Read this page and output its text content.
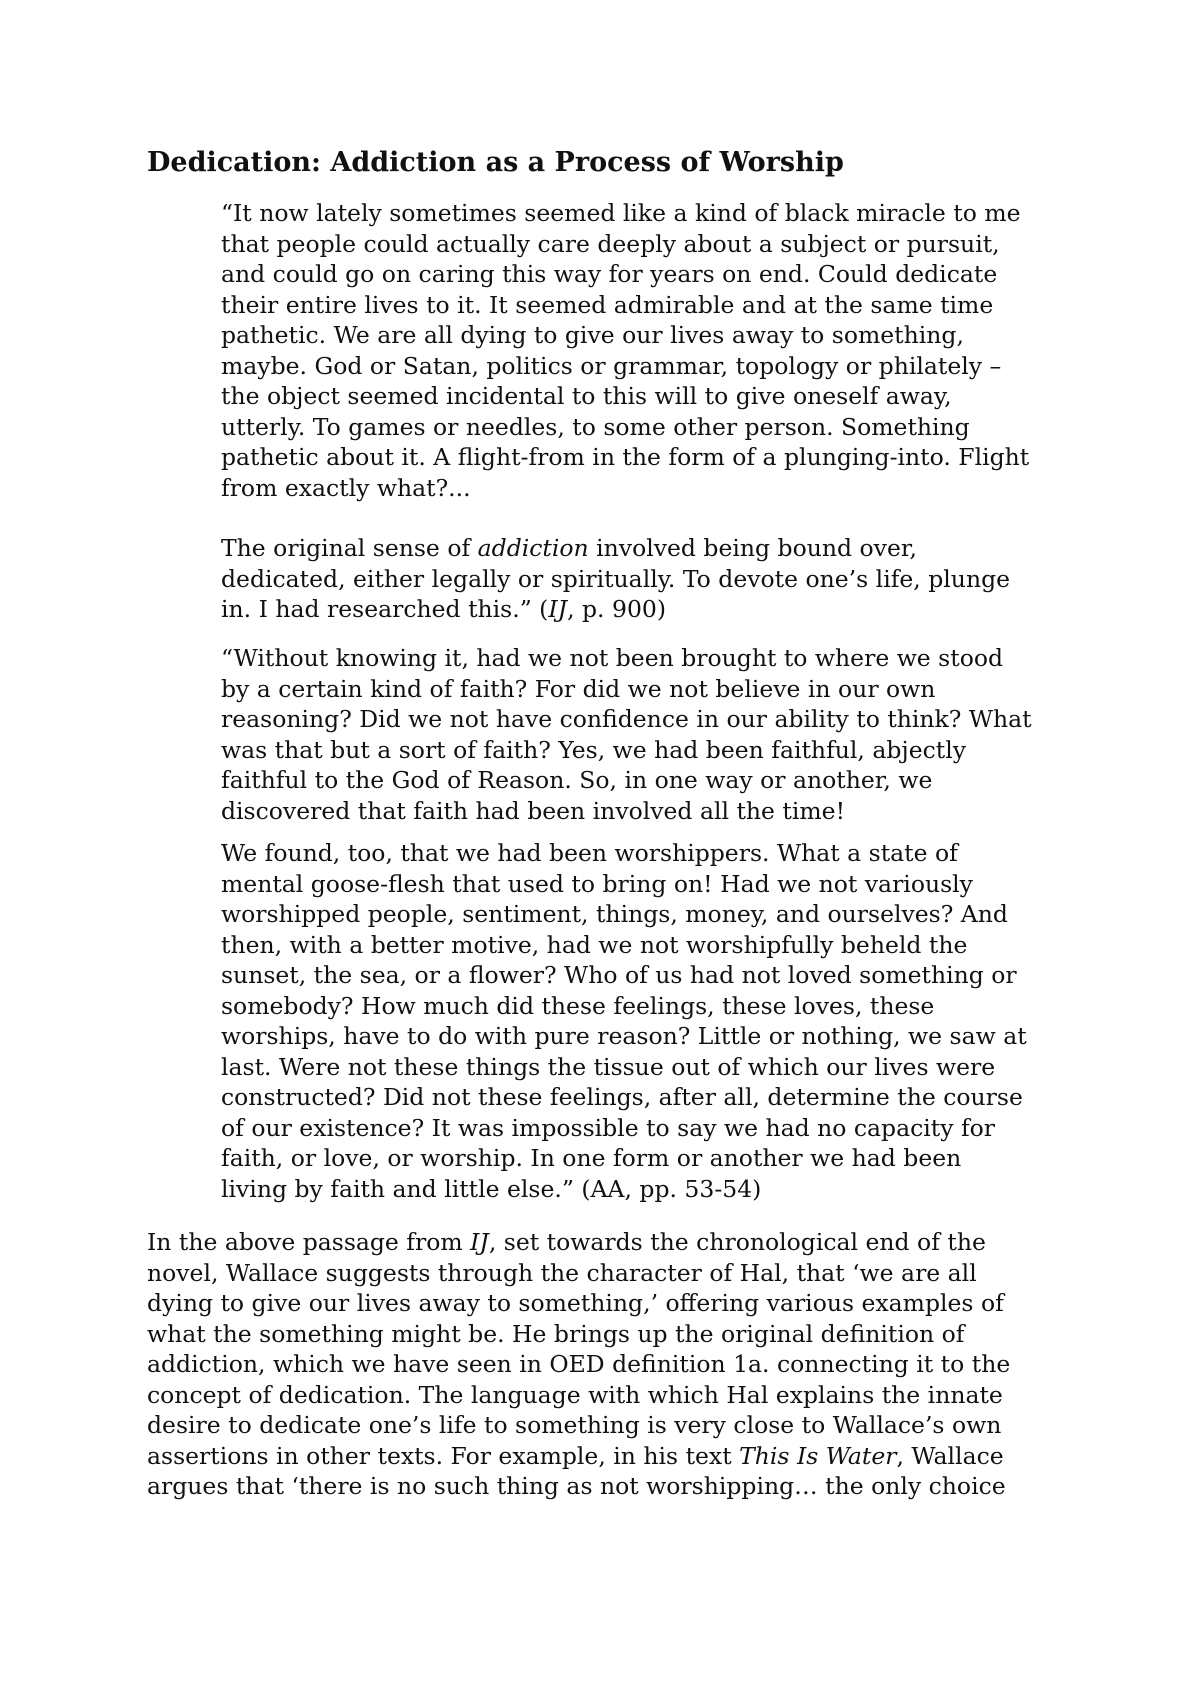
Dedication: Addiction as a Process of Worship

“It now lately sometimes seemed like a kind of black miracle to me
that people could actually care deeply about a subject or pursuit,
and could go on caring this way for years on end. Could dedicate
their entire lives to it. It seemed admirable and at the same time
pathetic. We are all dying to give our lives away to something,
maybe. God or Satan, politics or grammar, topology or philately –
the object seemed incidental to this will to give oneself away,
utterly. To games or needles, to some other person. Something
pathetic about it. A flight-from in the form of a plunging-into. Flight
from exactly what?...

The original sense of addiction involved being bound over,
dedicated, either legally or spiritually. To devote one’s life, plunge
in. I had researched this.” (IJ, p. 900)

“Without knowing it, had we not been brought to where we stood
by a certain kind of faith? For did we not believe in our own
reasoning? Did we not have confidence in our ability to think? What
was that but a sort of faith? Yes, we had been faithful, abjectly
faithful to the God of Reason. So, in one way or another, we
discovered that faith had been involved all the time!

We found, too, that we had been worshippers. What a state of
mental goose-flesh that used to bring on! Had we not variously
worshipped people, sentiment, things, money, and ourselves? And
then, with a better motive, had we not worshipfully beheld the
sunset, the sea, or a flower? Who of us had not loved something or
somebody? How much did these feelings, these loves, these
worships, have to do with pure reason? Little or nothing, we saw at
last. Were not these things the tissue out of which our lives were
constructed? Did not these feelings, after all, determine the course
of our existence? It was impossible to say we had no capacity for
faith, or love, or worship. In one form or another we had been
living by faith and little else.” (AA, pp. 53-54)

In the above passage from IJ, set towards the chronological end of the
novel, Wallace suggests through the character of Hal, that ‘we are all
dying to give our lives away to something,’ offering various examples of
what the something might be. He brings up the original definition of
addiction, which we have seen in OED definition 1a. connecting it to the
concept of dedication. The language with which Hal explains the innate
desire to dedicate one’s life to something is very close to Wallace’s own
assertions in other texts. For example, in his text This Is Water, Wallace
argues that ‘there is no such thing as not worshipping… the only choice
